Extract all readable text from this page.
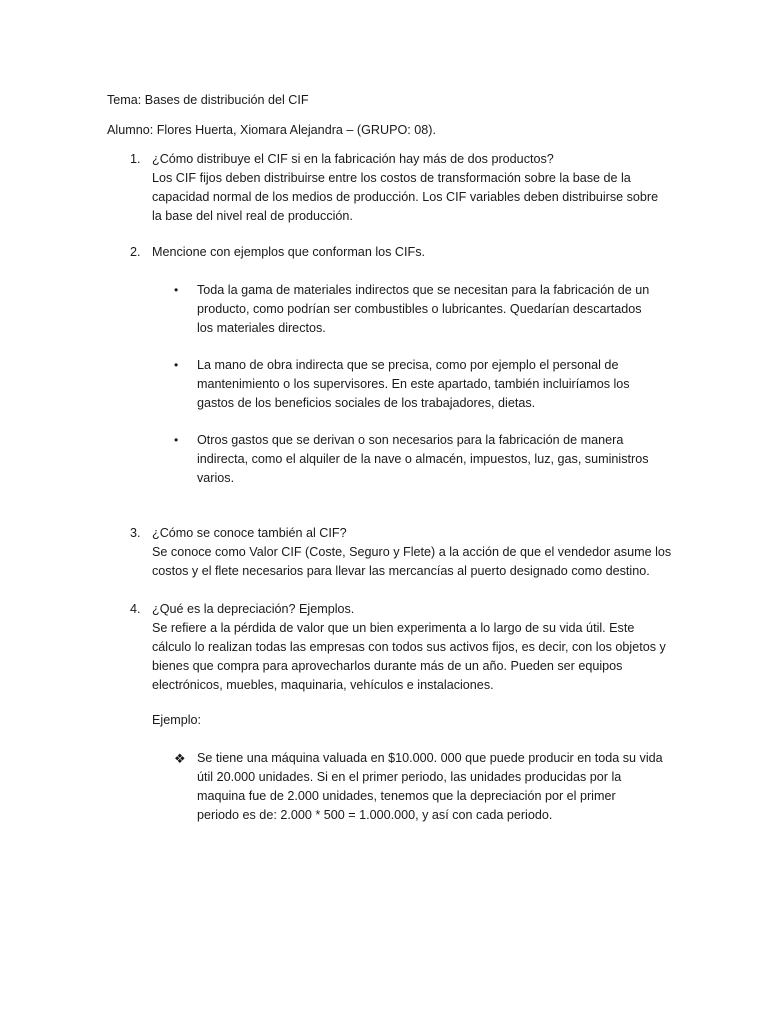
Tema: Bases de distribución del CIF
Alumno: Flores Huerta, Xiomara Alejandra – (GRUPO: 08).
1. ¿Cómo distribuye el CIF si en la fabricación hay más de dos productos?

Los CIF fijos deben distribuirse entre los costos de transformación sobre la base de la

capacidad normal de los medios de producción. Los CIF variables deben distribuirse sobre

la base del nivel real de producción.

2. Mencione con ejemplos que conforman los CIFs.

• Toda la gama de materiales indirectos que se necesitan para la fabricación de un
producto, como podrían ser combustibles o lubricantes. Quedarían descartados
los materiales directos.
• La mano de obra indirecta que se precisa, como por ejemplo el personal de
mantenimiento o los supervisores. En este apartado, también incluiríamos los
gastos de los beneficios sociales de los trabajadores, dietas.
• Otros gastos que se derivan o son necesarios para la fabricación de manera
indirecta, como el alquiler de la nave o almacén, impuestos, luz, gas, suministros
varios.
3. ¿Cómo se conoce también al CIF?

Se conoce como Valor CIF (Coste, Seguro y Flete) a la acción de que el vendedor asume los

costos y el flete necesarios para llevar las mercancías al puerto designado como destino.

4. ¿Qué es la depreciación? Ejemplos.

Se refiere a la pérdida de valor que un bien experimenta a lo largo de su vida útil. Este

cálculo lo realizan todas las empresas con todos sus activos fijos, es decir, con los objetos y

bienes que compra para aprovecharlos durante más de un año. Pueden ser equipos

electrónicos, muebles, maquinaria, vehículos e instalaciones.

Ejemplo:

❖ Se tiene una máquina valuada en $10.000. 000 que puede producir en toda su vida
útil 20.000 unidades. Si en el primer periodo, las unidades producidas por la
maquina fue de 2.000 unidades, tenemos que la depreciación por el primer
periodo es de: 2.000 * 500 = 1.000.000, y así con cada periodo.
